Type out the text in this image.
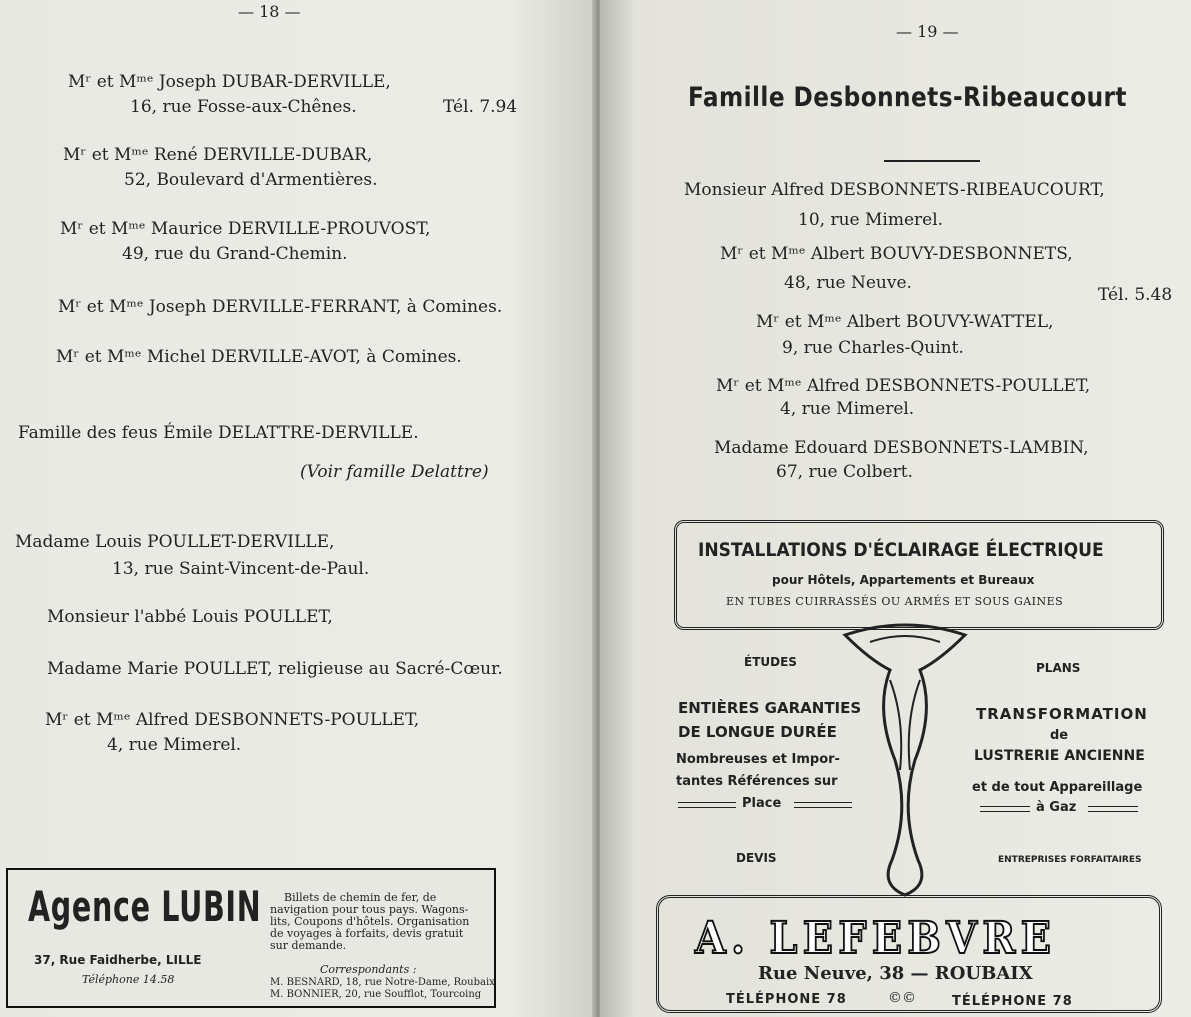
— 18 —
Mʳ et Mᵐᵉ Joseph DUBAR-DERVILLE,
16, rue Fosse-aux-Chênes.	Tél. 7.94
Mʳ et Mᵐᵉ René DERVILLE-DUBAR,
52, Boulevard d'Armentières.
Mʳ et Mᵐᵉ Maurice DERVILLE-PROUVOST,
49, rue du Grand-Chemin.
Mʳ et Mᵐᵉ Joseph DERVILLE-FERRANT, à Comines.
Mʳ et Mᵐᵉ Michel DERVILLE-AVOT, à Comines.
Famille des feus Émile DELATTRE-DERVILLE.
(Voir famille Delattre)
Madame Louis POULLET-DERVILLE,
13, rue Saint-Vincent-de-Paul.
Monsieur l'abbé Louis POULLET,
Madame Marie POULLET, religieuse au Sacré-Cœur.
Mʳ et Mᵐᵉ Alfred DESBONNETS-POULLET,
4, rue Mimerel.
Agence LUBIN
37, Rue Faidherbe, LILLE
Téléphone 14.58
Billets de chemin de fer, de
navigation pour tous pays. Wagons-
lits, Coupons d'hôtels. Organisation
de voyages à forfaits, devis gratuit
sur demande.
Correspondants :
M. BESNARD, 18, rue Notre-Dame, Roubaix
M. BONNIER, 20, rue Soufflot, Tourcoing
— 19 —
Famille Desbonnets-Ribeaucourt
Monsieur Alfred DESBONNETS-RIBEAUCOURT,
10, rue Mimerel.
Mʳ et Mᵐᵉ Albert BOUVY-DESBONNETS,
48, rue Neuve.
Tél. 5.48
Mʳ et Mᵐᵉ Albert BOUVY-WATTEL,
9, rue Charles-Quint.
Mʳ et Mᵐᵉ Alfred DESBONNETS-POULLET,
4, rue Mimerel.
Madame Edouard DESBONNETS-LAMBIN,
67, rue Colbert.
INSTALLATIONS D'ÉCLAIRAGE ÉLECTRIQUE
pour Hôtels, Appartements et Bureaux
EN TUBES CUIRRASSÉS OU ARMÉS ET SOUS GAINES
ÉTUDES	PLANS
ENTIÈRES GARANTIES
DE LONGUE DURÉE
Nombreuses et Impor-
tantes Références sur
Place
TRANSFORMATION
de
LUSTRERIE ANCIENNE
et de tout Appareillage
à Gaz
DEVIS	ENTREPRISES FORFAITAIRES
A. LEFEBVRE
Rue Neuve, 38 — ROUBAIX
TÉLÉPHONE 78	©©	TÉLÉPHONE 78
